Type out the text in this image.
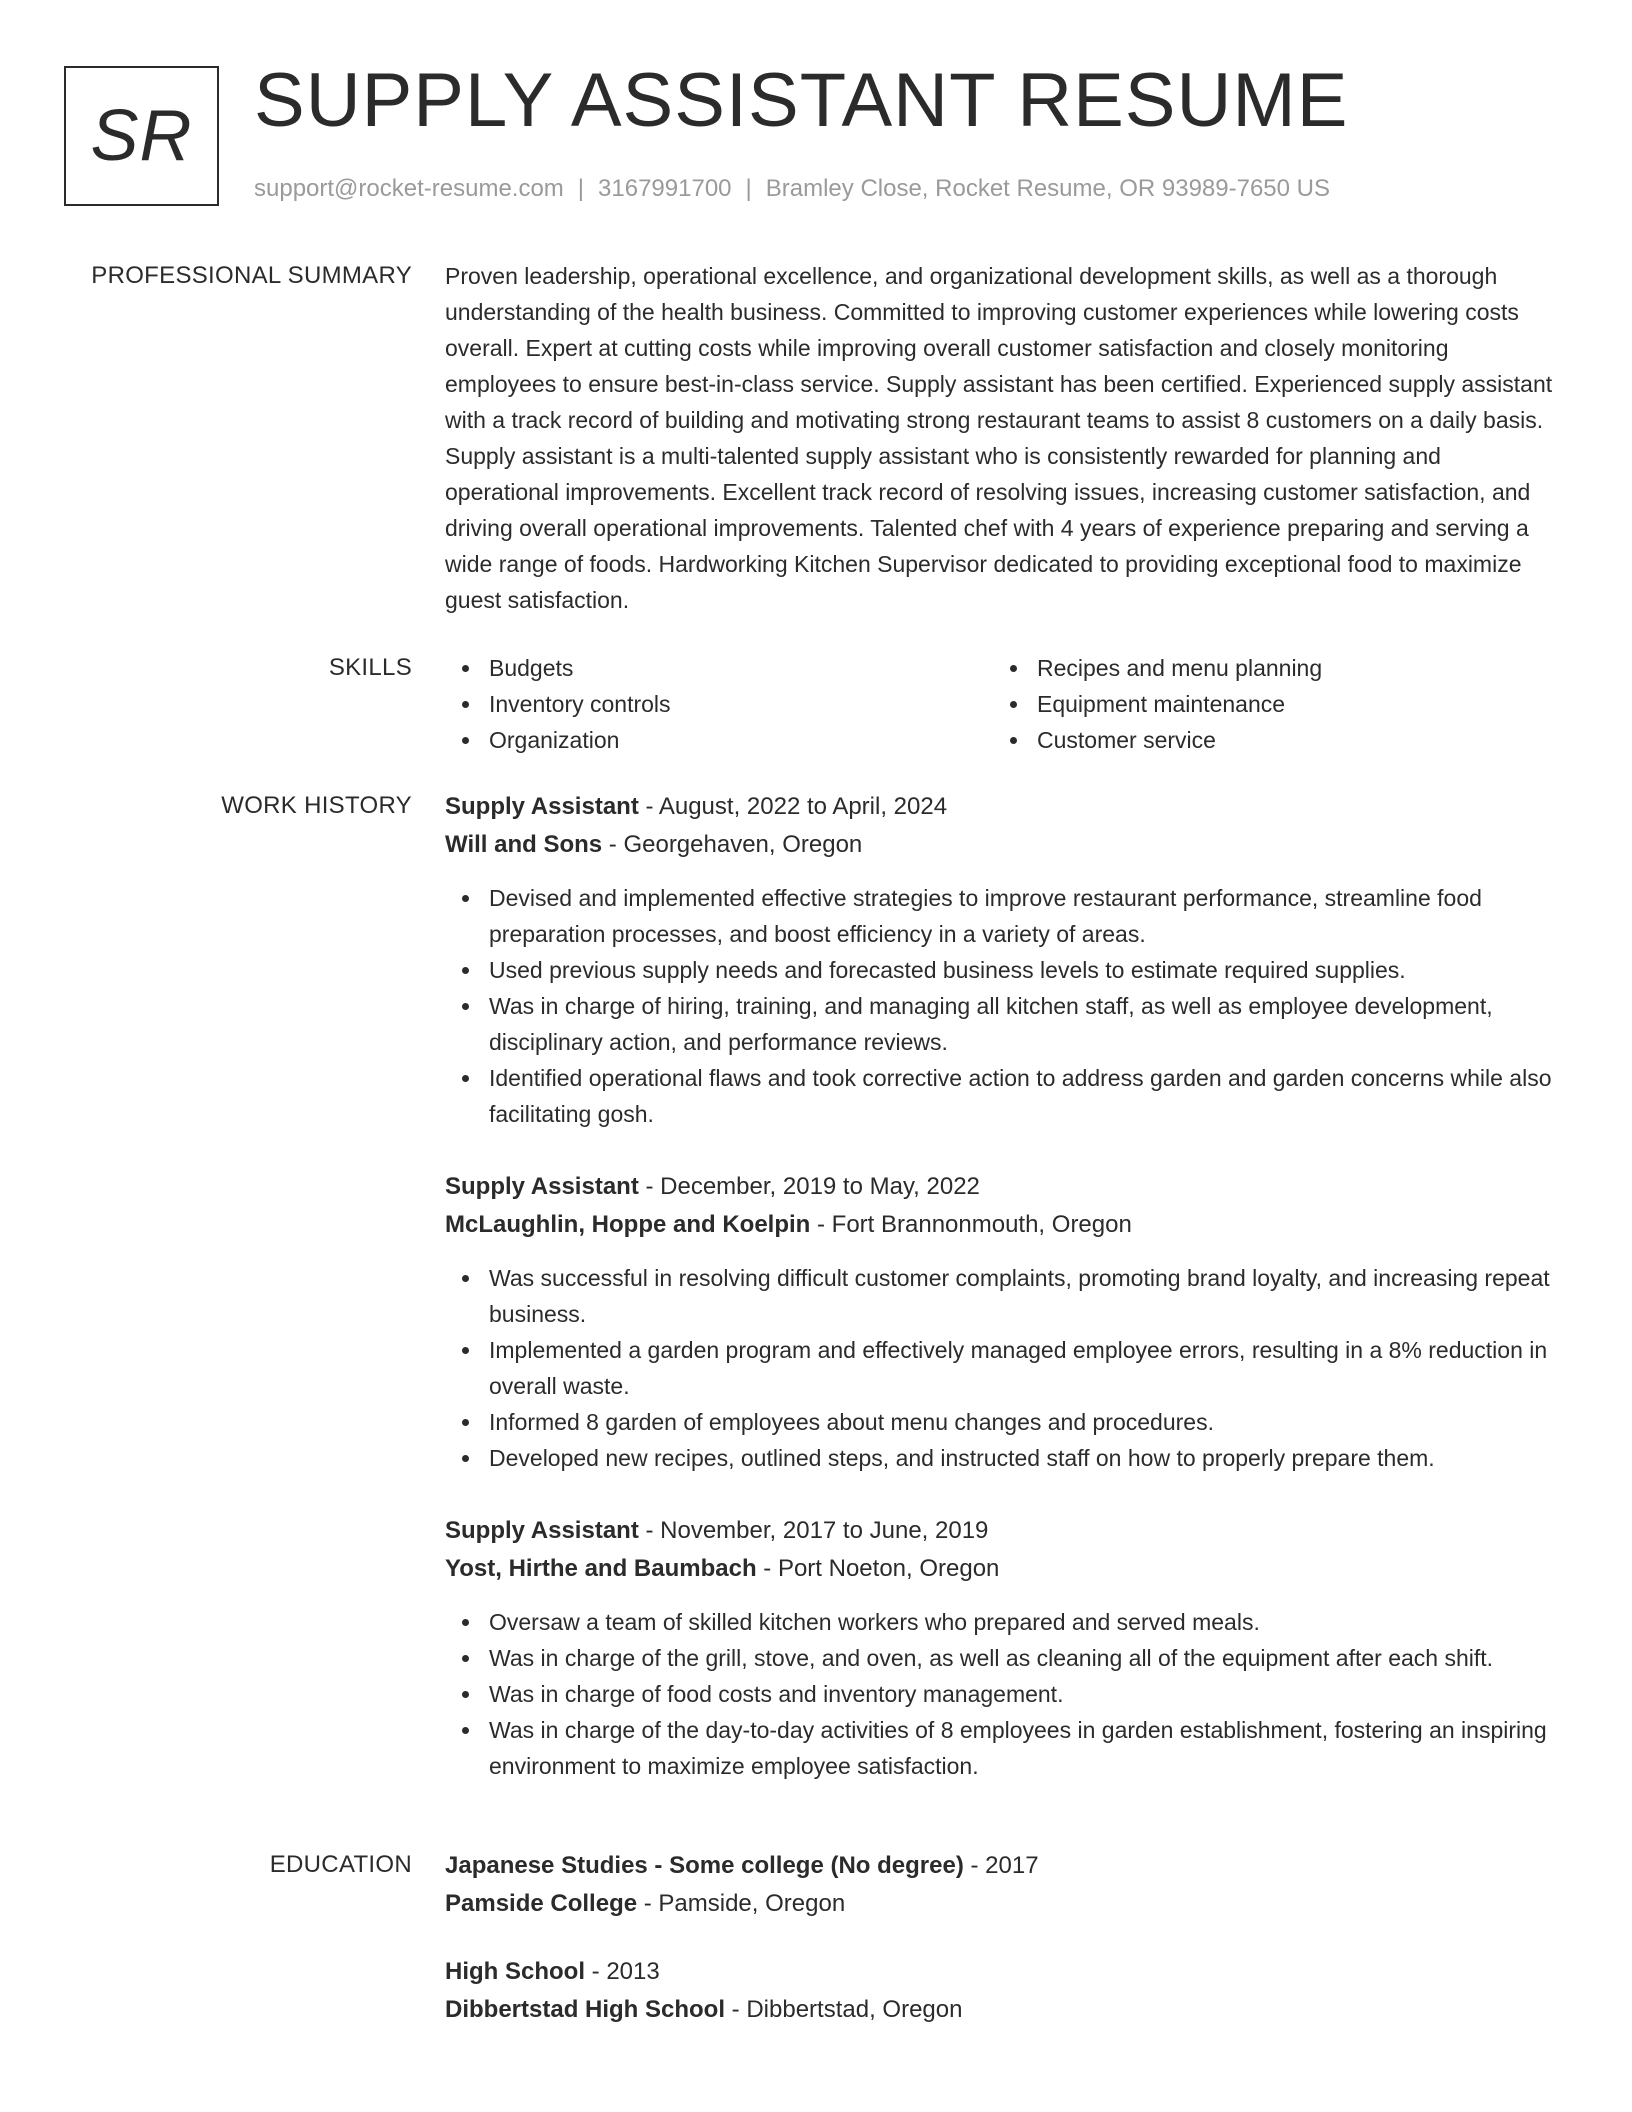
SR SUPPLY ASSISTANT RESUME
support@rocket-resume.com | 3167991700 | Bramley Close, Rocket Resume, OR 93989-7650 US
PROFESSIONAL SUMMARY Proven leadership, operational excellence, and organizational development skills, as well as a thorough understanding of the health business. Committed to improving customer experiences while lowering costs overall. Expert at cutting costs while improving overall customer satisfaction and closely monitoring employees to ensure best-in-class service. Supply assistant has been certified. Experienced supply assistant with a track record of building and motivating strong restaurant teams to assist 8 customers on a daily basis. Supply assistant is a multi-talented supply assistant who is consistently rewarded for planning and operational improvements. Excellent track record of resolving issues, increasing customer satisfaction, and driving overall operational improvements. Talented chef with 4 years of experience preparing and serving a wide range of foods. Hardworking Kitchen Supervisor dedicated to providing exceptional food to maximize guest satisfaction.

SKILLS	Budgets
Inventory controls
Organization
Recipes and menu planning
Equipment maintenance
Customer service
WORK HISTORY Supply Assistant - August, 2022 to April, 2024
Will and Sons - Georgehaven, Oregon
Devised and implemented effective strategies to improve restaurant performance, streamline food preparation processes, and boost efficiency in a variety of areas.
Used previous supply needs and forecasted business levels to estimate required supplies.
Was in charge of hiring, training, and managing all kitchen staff, as well as employee development, disciplinary action, and performance reviews.
Identified operational flaws and took corrective action to address garden and garden concerns while also facilitating gosh.
Supply Assistant - December, 2019 to May, 2022
McLaughlin, Hoppe and Koelpin - Fort Brannonmouth, Oregon
Was successful in resolving difficult customer complaints, promoting brand loyalty, and increasing repeat business.
Implemented a garden program and effectively managed employee errors, resulting in a 8% reduction in overall waste.
Informed 8 garden of employees about menu changes and procedures.
Developed new recipes, outlined steps, and instructed staff on how to properly prepare them.
Supply Assistant - November, 2017 to June, 2019
Yost, Hirthe and Baumbach - Port Noeton, Oregon
Oversaw a team of skilled kitchen workers who prepared and served meals.
Was in charge of the grill, stove, and oven, as well as cleaning all of the equipment after each shift.
Was in charge of food costs and inventory management.
Was in charge of the day-to-day activities of 8 employees in garden establishment, fostering an inspiring environment to maximize employee satisfaction.
EDUCATION Japanese Studies - Some college (No degree) - 2017
Pamside College - Pamside, Oregon
High School - 2013
Dibbertstad High School - Dibbertstad, Oregon
